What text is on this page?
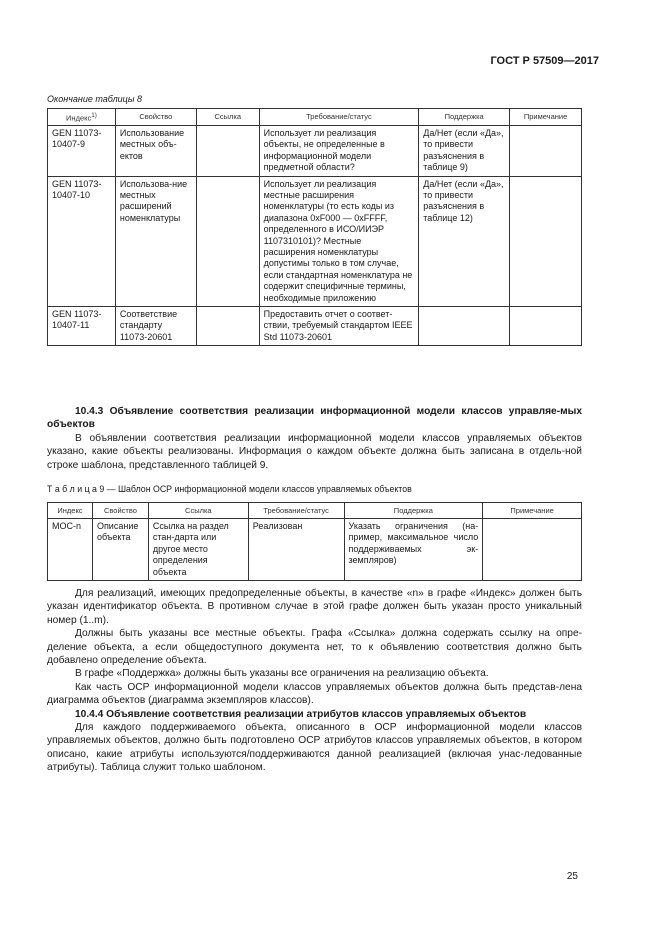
ГОСТ Р 57509—2017
Окончание таблицы 8
Индекс$^{1)}$	Свойство	Ссылка	Требование/статус	Поддержка	Примечание
GEN 11073-10407-9	Использование местных объ-ектов		Использует ли реализация объекты, не определенные в информационной модели предметной области?	Да/Нет (если «Да», то привести разъяснения в таблице 9)	
GEN 11073-10407-10	Использова-ние местных расширений номенклатуры		Использует ли реализация местные расширения номенклатуры (то есть коды из диапазона 0xF000 — 0xFFFF, определенного в ИСО/ИИЭР 1107310101)? Местные расширения номенклатуры допустимы только в том случае, если стандартная номенклатура не содержит специфичные термины, необходимые приложению	Да/Нет (если «Да», то привести разъяснения в таблице 12)	
GEN 11073-10407-11	Соответствие стандарту 11073-20601		Предоставить отчет о соответ-ствии, требуемый стандартом IEEE Std 11073-20601		
10.4.3 Объявление соответствия реализации информационной модели классов управляе-мых объектов
В объявлении соответствия реализации информационной модели классов управляемых объектов указано, какие объекты реализованы. Информация о каждом объекте должна быть записана в отдель-ной строке шаблона, представленного таблицей 9.
Т а б л и ц а 9 — Шаблон ОСР информационной модели классов управляемых объектов
Индекс	Свойство	Ссылка	Требование/статус	Поддержка	Примечание
МОС-n	Описание объекта	Ссылка на раздел стан-дарта или другое место определения объекта	Реализован	Указать ограничения (на-пример, максимальное число поддерживаемых эк-земпляров)	
Для реализаций, имеющих предопределенные объекты, в качестве «n» в графе «Индекс» должен быть указан идентификатор объекта. В противном случае в этой графе должен быть указан просто уникальный номер (1..m).
Должны быть указаны все местные объекты. Графа «Ссылка» должна содержать ссылку на опре-деление объекта, а если общедоступного документа нет, то к объявлению соответствия должно быть добавлено определение объекта.
В графе «Поддержка» должны быть указаны все ограничения на реализацию объекта.
Как часть ОСР информационной модели классов управляемых объектов должна быть представ-лена диаграмма объектов (диаграмма экземпляров классов).
10.4.4 Объявление соответствия реализации атрибутов классов управляемых объектов
Для каждого поддерживаемого объекта, описанного в ОСР информационной модели классов управляемых объектов, должно быть подготовлено ОСР атрибутов классов управляемых объектов, в котором описано, какие атрибуты используются/поддерживаются данной реализацией (включая унас-ледованные атрибуты). Таблица служит только шаблоном.
25
